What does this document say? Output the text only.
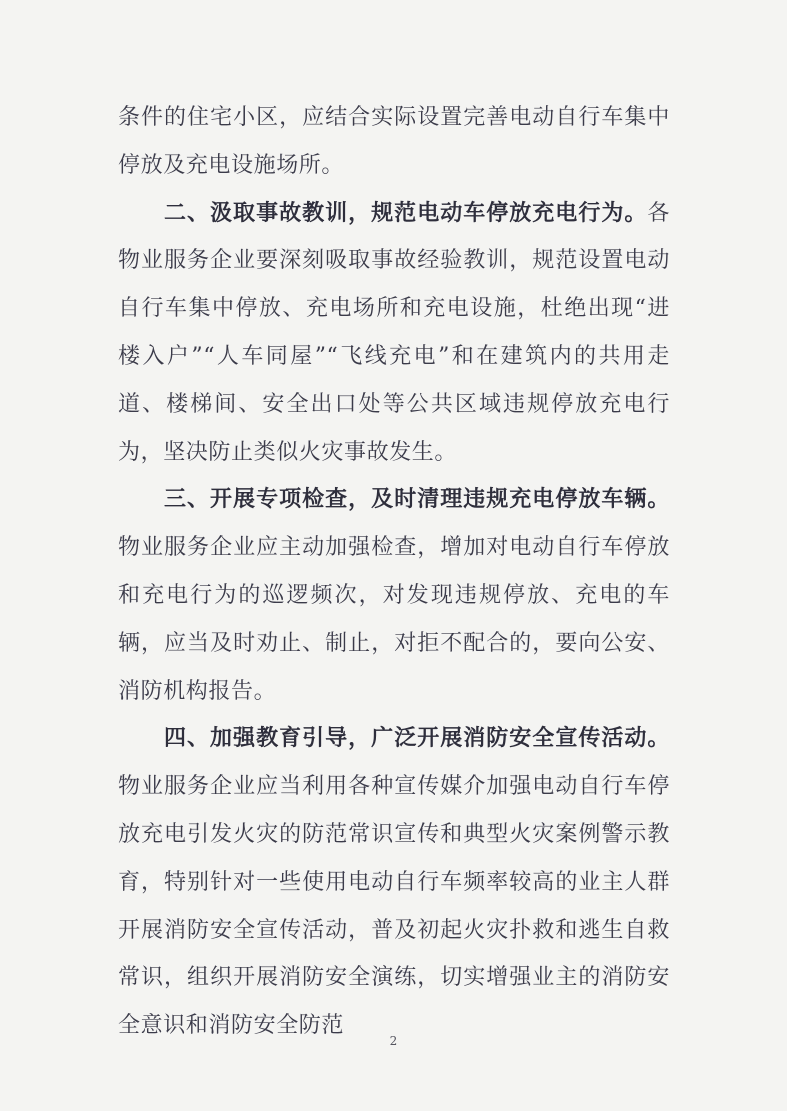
条件的住宅小区，应结合实际设置完善电动自行车集中停放及充电设施场所。

二、汲取事故教训，规范电动车停放充电行为。各物业服务企业要深刻吸取事故经验教训，规范设置电动自行车集中停放、充电场所和充电设施，杜绝出现“进楼入户”“人车同屋”“飞线充电”和在建筑内的共用走道、楼梯间、安全出口处等公共区域违规停放充电行为，坚决防止类似火灾事故发生。

三、开展专项检查，及时清理违规充电停放车辆。物业服务企业应主动加强检查，增加对电动自行车停放和充电行为的巡逻频次，对发现违规停放、充电的车辆，应当及时劝止、制止，对拒不配合的，要向公安、消防机构报告。

四、加强教育引导，广泛开展消防安全宣传活动。物业服务企业应当利用各种宣传媒介加强电动自行车停放充电引发火灾的防范常识宣传和典型火灾案例警示教育，特别针对一些使用电动自行车频率较高的业主人群开展消防安全宣传活动，普及初起火灾扑救和逃生自救常识，组织开展消防安全演练，切实增强业主的消防安全意识和消防安全防范

2
